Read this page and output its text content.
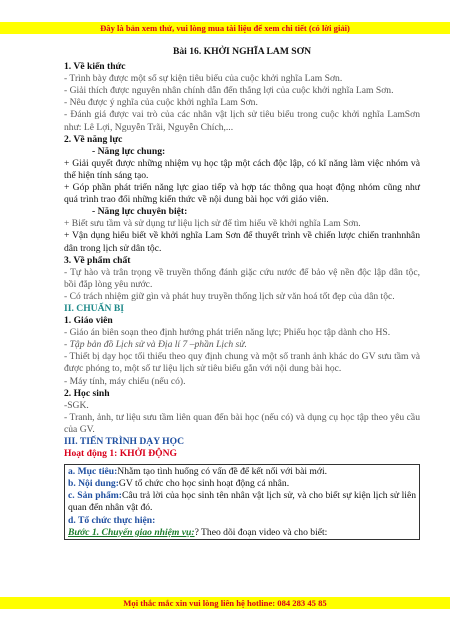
Đây là bản xem thử, vui lòng mua tài liệu để xem chi tiết (có lời giải)

Bài 16. KHỞI NGHĨA LAM SƠN

1. Về kiến thức

- Trình bày được một số sự kiện tiêu biểu của cuộc khởi nghĩa Lam Sơn.

- Giải thích được nguyên nhân chính dẫn đến thắng lợi của cuộc khởi nghĩa Lam Sơn.

- Nêu được ý nghĩa của cuộc khởi nghĩa Lam Sơn.

- Đánh giá được vai trò của các nhân vật lịch sử tiêu biểu trong cuộc khởi nghĩa LamSơn như: Lê Lợi, Nguyễn Trãi, Nguyễn Chích,...

2. Về năng lực

- Năng lực chung:

+ Giải quyết được những nhiệm vụ học tập một cách độc lập, có kĩ năng làm việc nhóm và thể hiện tính sáng tạo.

+ Góp phần phát triển năng lực giao tiếp và hợp tác thông qua hoạt động nhóm cũng như quá trình trao đổi những kiến thức về nội dung bài học với giáo viên.

- Năng lực chuyên biệt:

+ Biết sưu tầm và sử dụng tư liệu lịch sử để tìm hiểu về khởi nghĩa Lam Sơn.

+ Vận dụng hiểu biết về khởi nghĩa Lam Sơn để thuyết trình về chiến lược chiến tranhnhân dân trong lịch sử dân tộc.

3. Về phẩm chất

- Tự hào và trân trọng về truyền thống đánh giặc cứu nước để bảo vệ nền độc lập dân tộc, bồi đắp lòng yêu nước.

- Có trách nhiệm giữ gìn và phát huy truyền thống lịch sử văn hoá tốt đẹp của dân tộc.

II. CHUẨN BỊ

1. Giáo viên

- Giáo án biên soạn theo định hướng phát triển năng lực; Phiếu học tập dành cho HS.

- Tập bản đồ Lịch sử và Địa lí 7 –phần Lịch sử.

- Thiết bị dạy học tối thiểu theo quy định chung và một số tranh ảnh khác do GV sưu tầm và được phóng to, một số tư liệu lịch sử tiêu biểu gắn với nội dung bài học.

- Máy tính, máy chiếu (nếu có).

2. Học sinh

-SGK.

- Tranh, ảnh, tư liệu sưu tầm liên quan đến bài học (nếu có) và dụng cụ học tập theo yêu cầu của GV.

III. TIẾN TRÌNH DẠY HỌC

Hoạt động 1: KHỞI ĐỘNG

a. Mục tiêu:Nhằm tạo tình huống có vấn đề để kết nối với bài mới.

b. Nội dung:GV tổ chức cho học sinh hoạt động cá nhân.

c. Sản phẩm:Câu trả lời của học sinh tên nhân vật lịch sử, và cho biết sự kiện lịch sử liên quan đến nhân vật đó.

d. Tổ chức thực hiện:

Bước 1. Chuyển giao nhiệm vụ:? Theo dõi đoạn video và cho biết:

Mọi thắc mắc xin vui lòng liên hệ hotline: 084 283 45 85
